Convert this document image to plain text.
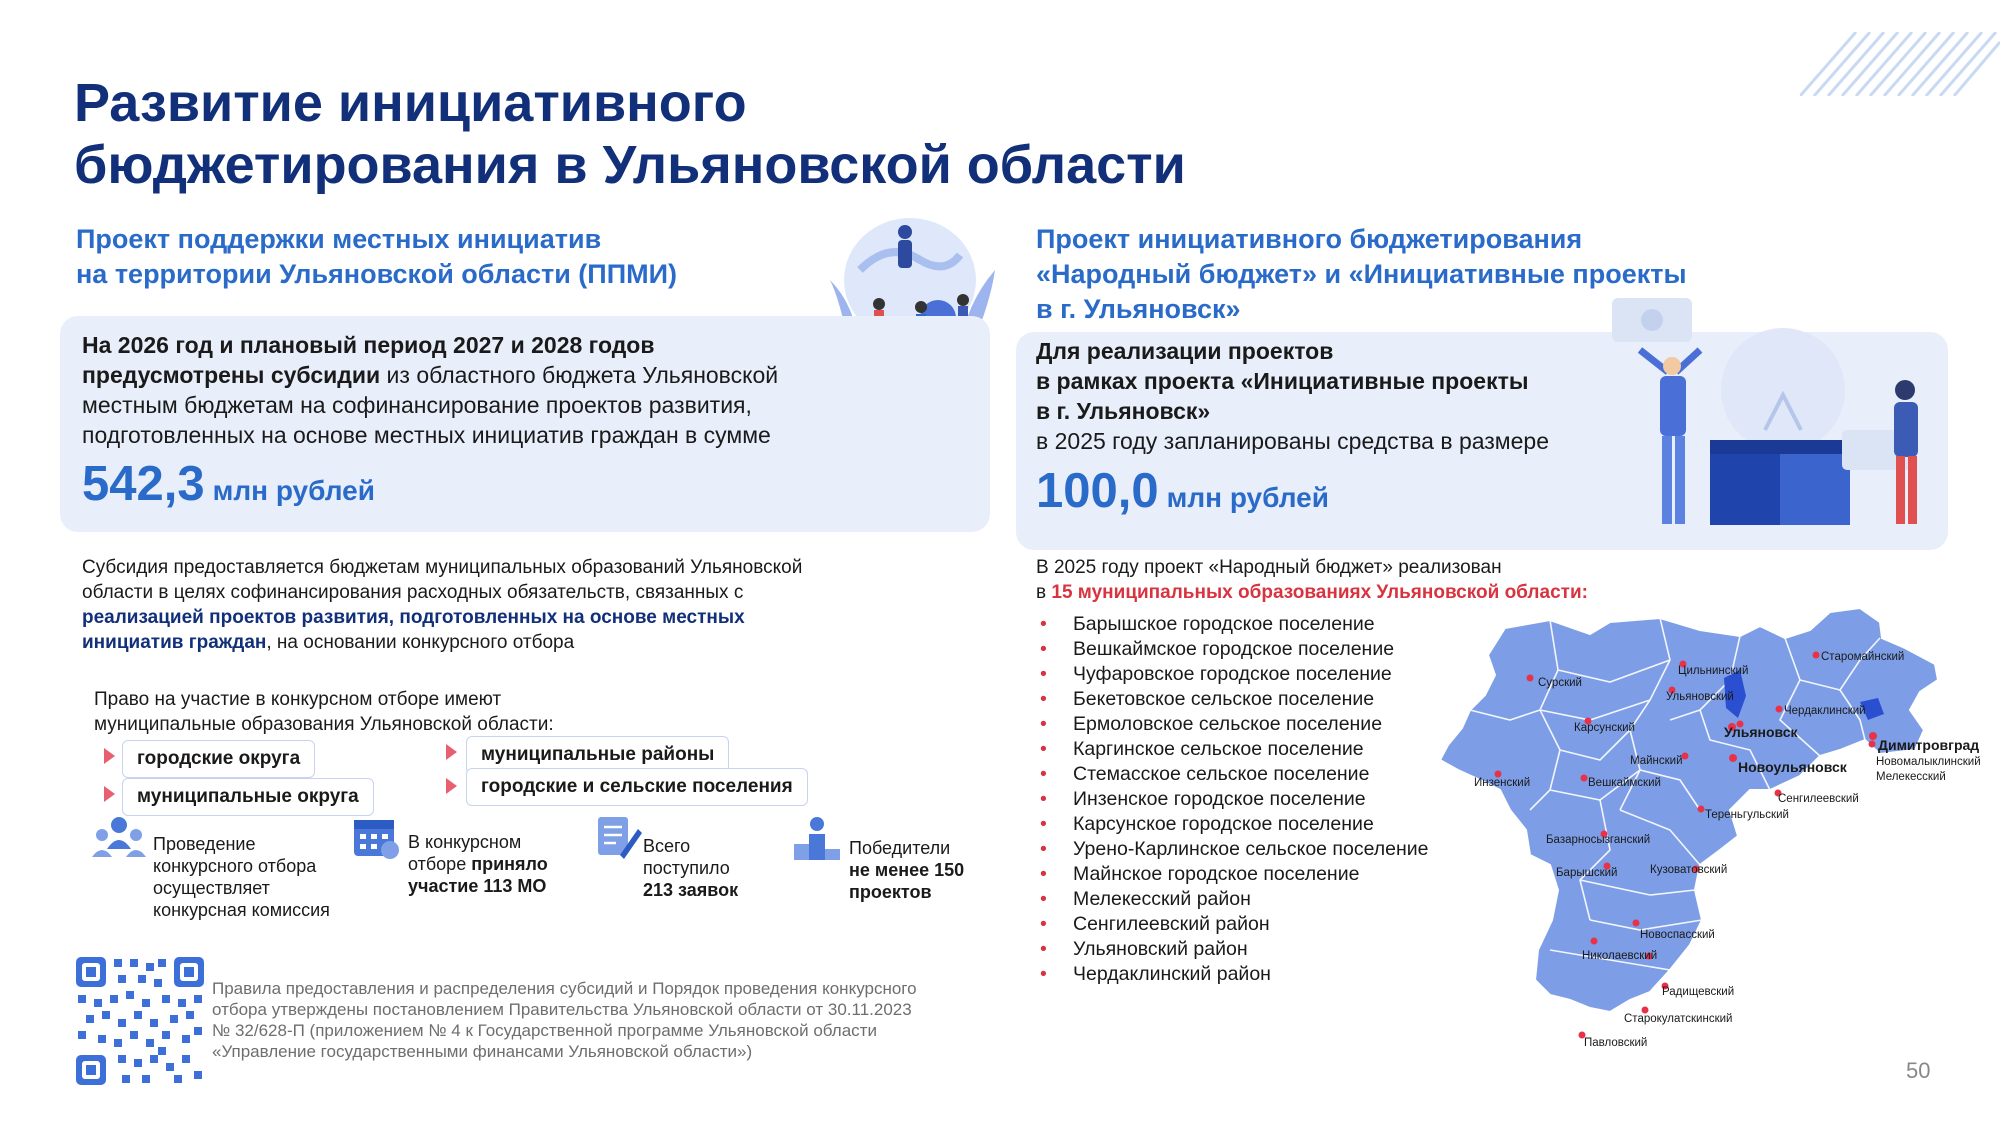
Развитие инициативного
бюджетирования в Ульяновской области
Проект поддержки местных инициатив
на территории Ульяновской области (ППМИ)
На 2026 год и плановый период 2027 и 2028 годов
предусмотрены субсидии из областного бюджета Ульяновской
местным бюджетам на софинансирование проектов развития,
подготовленных на основе местных инициатив граждан в сумме
542,3 млн рублей
Субсидия предоставляется бюджетам муниципальных образований Ульяновской
области в целях софинансирования расходных обязательств, связанных с
реализацией проектов развития, подготовленных на основе местных
инициатив граждан, на основании конкурсного отбора
Право на участие в конкурсном отборе имеют
муниципальные образования Ульяновской области:
городские округа
муниципальные округа
муниципальные районы
городские и сельские поселения
Проведение
конкурсного отбора
осуществляет
конкурсная комиссия
В конкурсном
отборе приняло
участие 113 МО
Всего
поступило
213 заявок
Победители
не менее 150
проектов
Правила предоставления и распределения субсидий и Порядок проведения конкурсного
отбора утверждены постановлением Правительства Ульяновской области от 30.11.2023
№ 32/628-П (приложением № 4 к Государственной программе Ульяновской области
«Управление государственными финансами Ульяновской области»)
Проект инициативного бюджетирования
«Народный бюджет» и «Инициативные проекты
в г. Ульяновск»
Для реализации проектов
в рамках проекта «Инициативные проекты
в г. Ульяновск»
в 2025 году запланированы средства в размере
100,0 млн рублей
В 2025 году проект «Народный бюджет» реализован
в 15 муниципальных образованиях Ульяновской области:
• Барышское городское поселение
• Вешкаймское городское поселение
• Чуфаровское городское поселение
• Бекетовское сельское поселение
• Ермоловское сельское поселение
• Каргинское сельское поселение
• Стемасское сельское поселение
• Инзенское городское поселение
• Карсунское городское поселение
• Урено-Карлинское сельское поселение
• Майнское городское поселение
• Мелекесский район
• Сенгилеевский район
• Ульяновский район
• Чердаклинский район
Сурский
Цильнинский
Ульяновский
Карсунский	Ульяновск
Старомайнский
Чердаклинский
Димитровград
Новомалыклинский
Мелекесский
Инзенский	Вешкаймский
Майнский	Новоульяновск
Сенгилеевский
Тереньгульский
Базарносызганский
Барышский	Кузоватовский
Новоспасский
Николаевский
Радищевский
Старокулатскинский
Павловский
50
